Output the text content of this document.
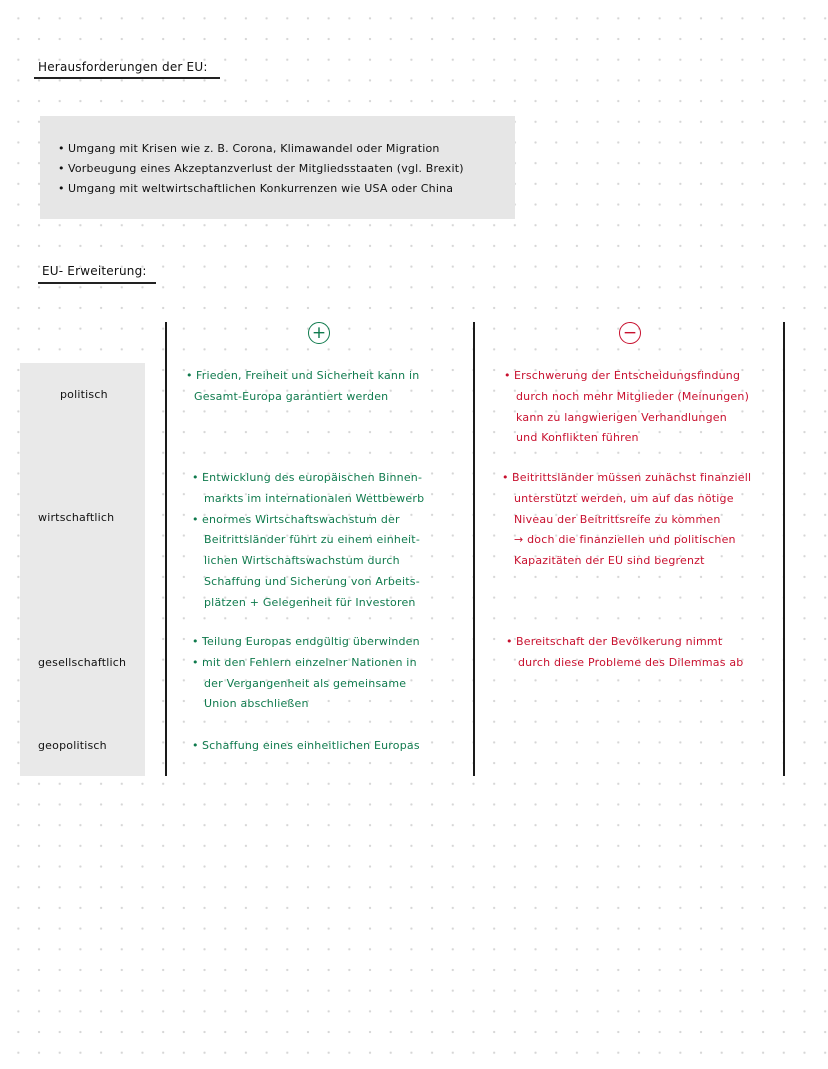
Herausforderungen der EU:
• Umgang mit Krisen wie z. B. Corona, Klimawandel oder Migration
• Vorbeugung eines Akzeptanzverlust der Mitgliedsstaaten (vgl. Brexit)
• Umgang mit weltwirtschaftlichen Konkurrenzen wie USA oder China
EU- Erweiterung:
+	−
politisch
wirtschaftlich
gesellschaftlich
geopolitisch
• Frieden, Freiheit und Sicherheit kann in
Gesamt-Europa garantiert werden
• Erschwerung der Entscheidungsfindung
durch noch mehr Mitglieder (Meinungen)
kann zu langwierigen Verhandlungen
und Konflikten führen
• Entwicklung des europäischen Binnen-
markts im internationalen Wettbewerb
• enormes Wirtschaftswachstum der
Beitrittsländer führt zu einem einheit-
lichen Wirtschaftswachstum durch
Schaffung und Sicherung von Arbeits-
plätzen + Gelegenheit für Investoren
• Beitrittsländer müssen zunächst finanziell
unterstützt werden, um auf das nötige
Niveau der Beitrittsreife zu kommen
→ doch die finanziellen und politischen
Kapazitäten der EU sind begrenzt
• Teilung Europas endgültig überwinden
• mit den Fehlern einzelner Nationen in
der Vergangenheit als gemeinsame
Union abschließen
• Bereitschaft der Bevölkerung nimmt
durch diese Probleme des Dilemmas ab
• Schaffung eines einheitlichen Europas
